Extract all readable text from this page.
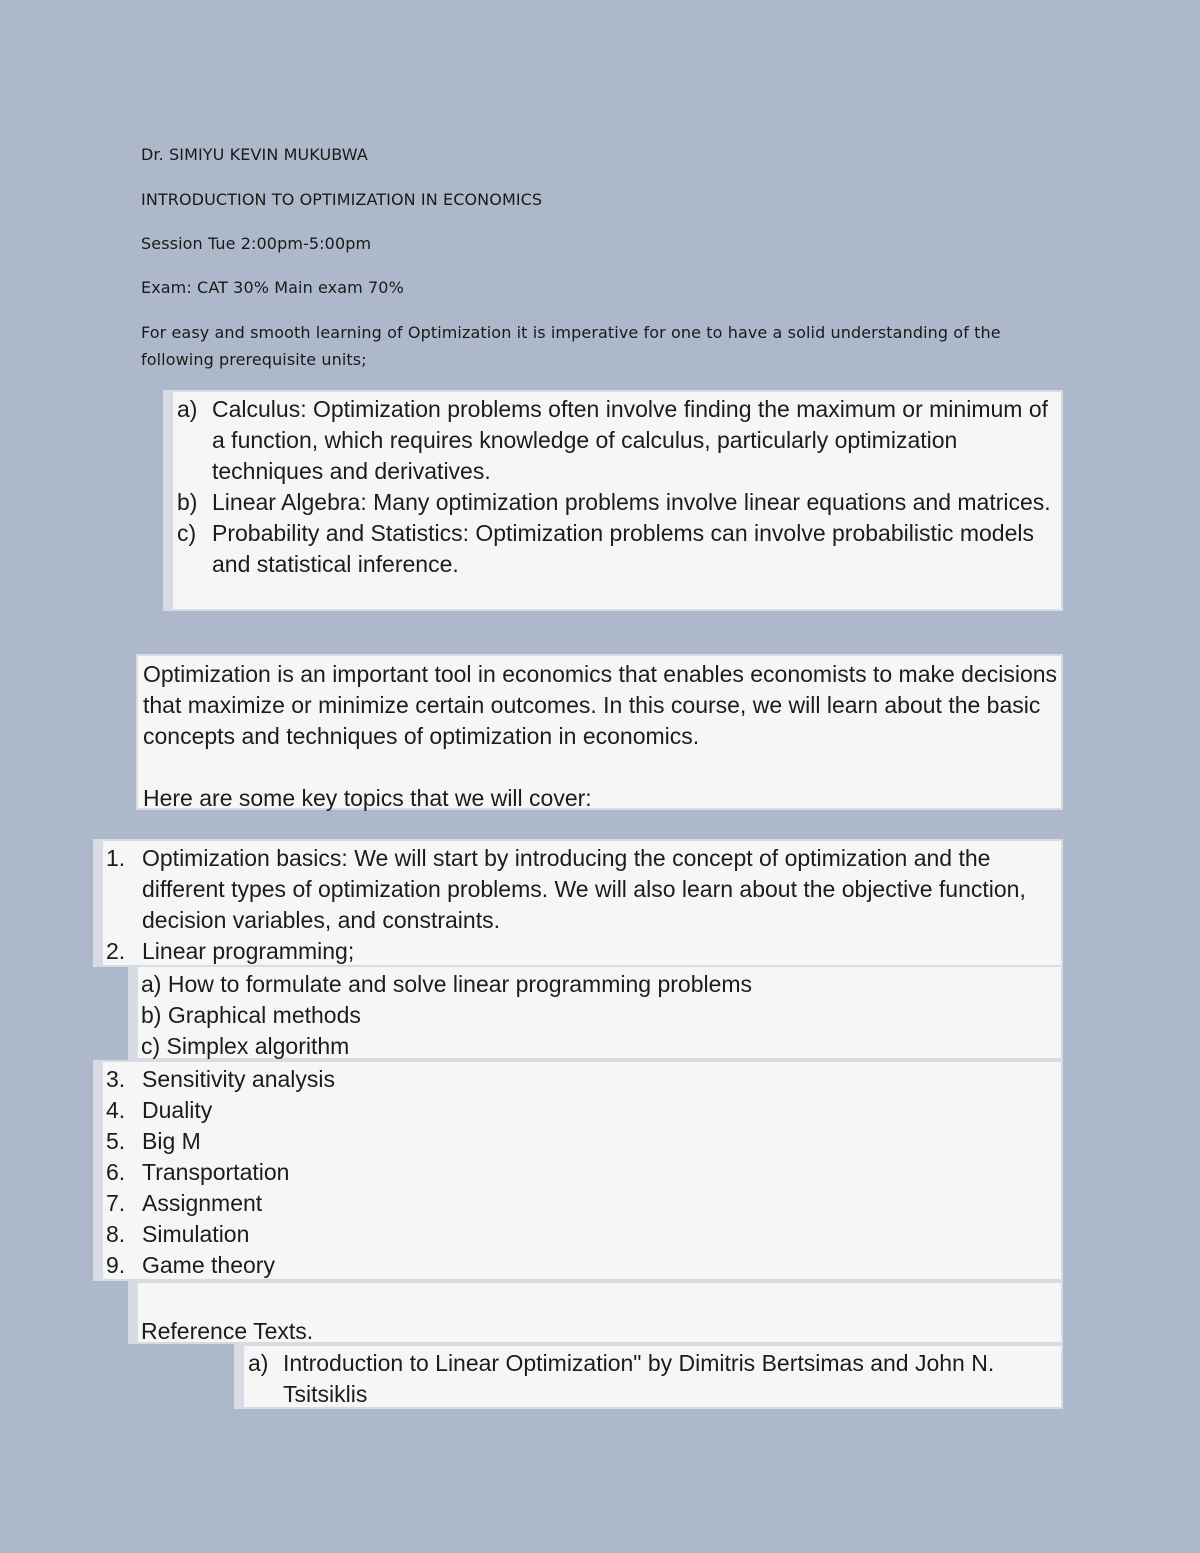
Dr. SIMIYU KEVIN MUKUBWA

INTRODUCTION TO OPTIMIZATION IN ECONOMICS

Session Tue 2:00pm-5:00pm

Exam: CAT 30% Main exam 70%

For easy and smooth learning of Optimization it is imperative for one to have a solid understanding of the following prerequisite units;

a) Calculus: Optimization problems often involve finding the maximum or minimum of a function, which requires knowledge of calculus, particularly optimization techniques and derivatives.
b) Linear Algebra: Many optimization problems involve linear equations and matrices.
c) Probability and Statistics: Optimization problems can involve probabilistic models and statistical inference.

Optimization is an important tool in economics that enables economists to make decisions that maximize or minimize certain outcomes. In this course, we will learn about the basic concepts and techniques of optimization in economics.

Here are some key topics that we will cover:

1. Optimization basics: We will start by introducing the concept of optimization and the different types of optimization problems. We will also learn about the objective function, decision variables, and constraints.
2. Linear programming;
a) How to formulate and solve linear programming problems
b) Graphical methods
c) Simplex algorithm
3. Sensitivity analysis
4. Duality
5. Big M
6. Transportation
7. Assignment
8. Simulation
9. Game theory

Reference Texts.

a) Introduction to Linear Optimization" by Dimitris Bertsimas and John N. Tsitsiklis
